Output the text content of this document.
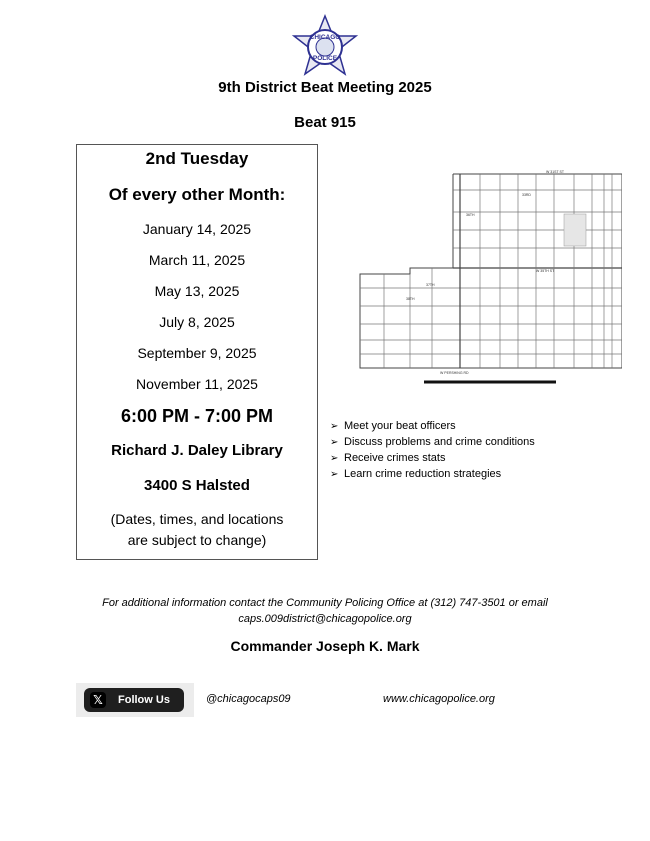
CHICAGO
POLICE
9th District Beat Meeting 2025
Beat 915
2nd Tuesday
Of every other Month:
January 14, 2025
March 11, 2025
May 13, 2025
July 8, 2025
September 9, 2025
November 11, 2025
6:00 PM - 7:00 PM
Richard J. Daley Library
3400 S Halsted
(Dates, times, and locations
are subject to change)
W 31ST ST
33RD
W 35TH ST
36TH
37TH
38TH
W PERSHING RD
➢ Meet your beat officers
➢ Discuss problems and crime conditions
➢ Receive crimes stats
➢ Learn crime reduction strategies
For additional information contact the Community Policing Office at (312) 747-3501 or email
caps.009district@chicagopolice.org
Commander Joseph K. Mark
𝕏 Follow Us	@chicagocaps09	www.chicagopolice.org
